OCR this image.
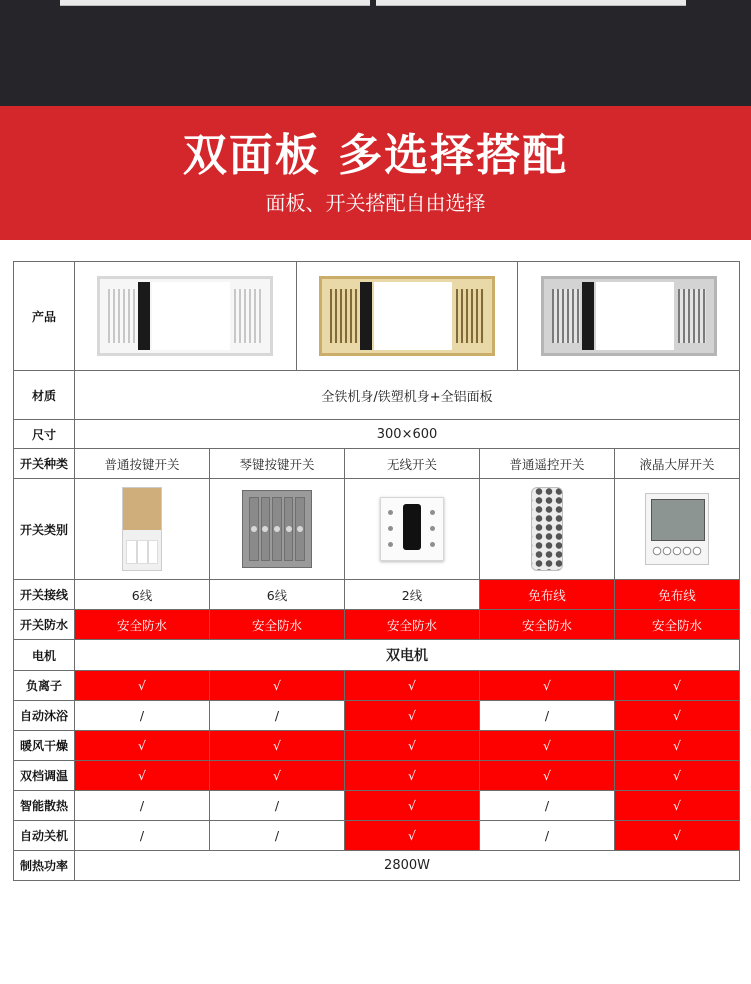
双面板 多选择搭配
面板、开关搭配自由选择
产品					

材质	全铁机身/铁塑机身+全铝面板				
尺寸	300×600				
开关种类	普通按键开关	琴键按键开关	无线开关	普通遥控开关	液晶大屏开关
开关类别	

开关接线	6线	6线	2线	免布线	免布线
开关防水	安全防水	安全防水	安全防水	安全防水	安全防水
电机	双电机				
负离子	√	√	√	√	√
自动沐浴	/	/	√	/	√
暖风干燥	√	√	√	√	√
双档调温	√	√	√	√	√
智能散热	/	/	√	/	√
自动关机	/	/	√	/	√
制热功率	2800W				
